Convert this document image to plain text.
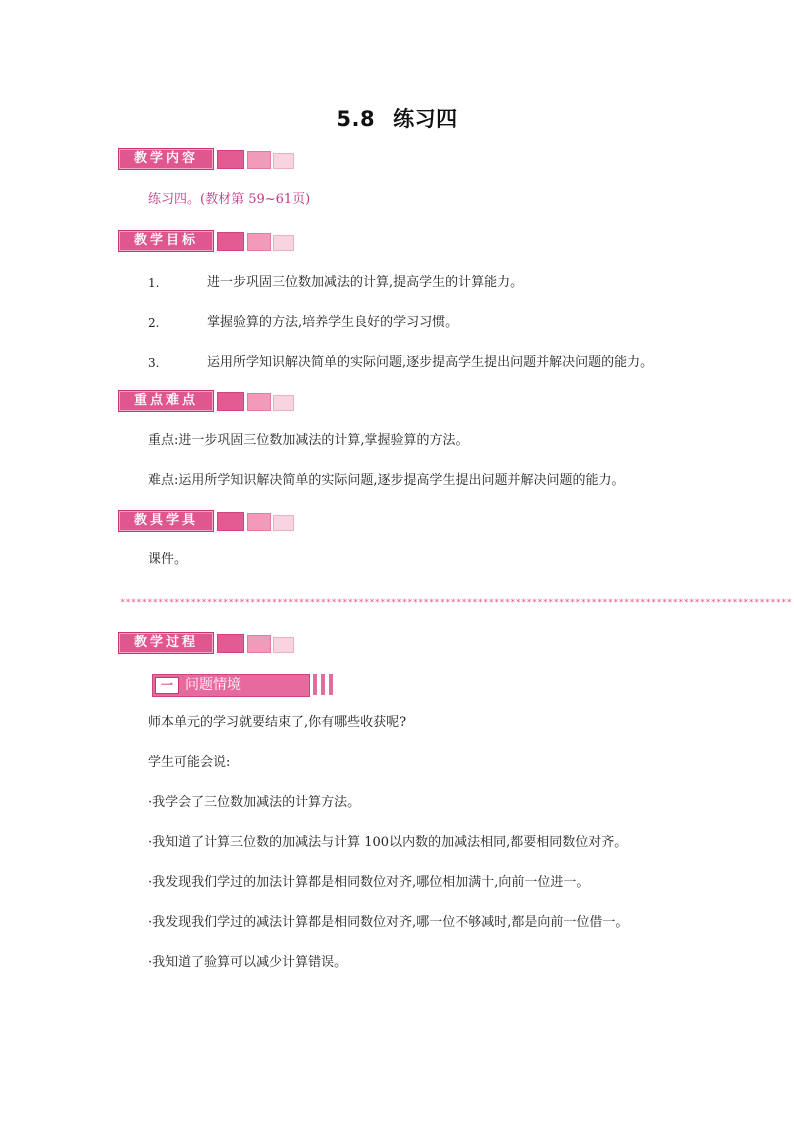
5.8 练习四
教学内容
练习四。(教材第 59~61页)
教学目标
1.	进一步巩固三位数加减法的计算,提高学生的计算能力。
2.	掌握验算的方法,培养学生良好的学习习惯。
3.	运用所学知识解决简单的实际问题,逐步提高学生提出问题并解决问题的能力。
重点难点
重点:进一步巩固三位数加减法的计算,掌握验算的方法。
难点:运用所学知识解决简单的实际问题,逐步提高学生提出问题并解决问题的能力。
教具学具
课件。
****************************************************************************************************************************
教学过程
一 问题情境
师本单元的学习就要结束了,你有哪些收获呢?
学生可能会说:
·我学会了三位数加减法的计算方法。
·我知道了计算三位数的加减法与计算 100以内数的加减法相同,都要相同数位对齐。
·我发现我们学过的加法计算都是相同数位对齐,哪位相加满十,向前一位进一。
·我发现我们学过的减法计算都是相同数位对齐,哪一位不够减时,都是向前一位借一。
·我知道了验算可以减少计算错误。
